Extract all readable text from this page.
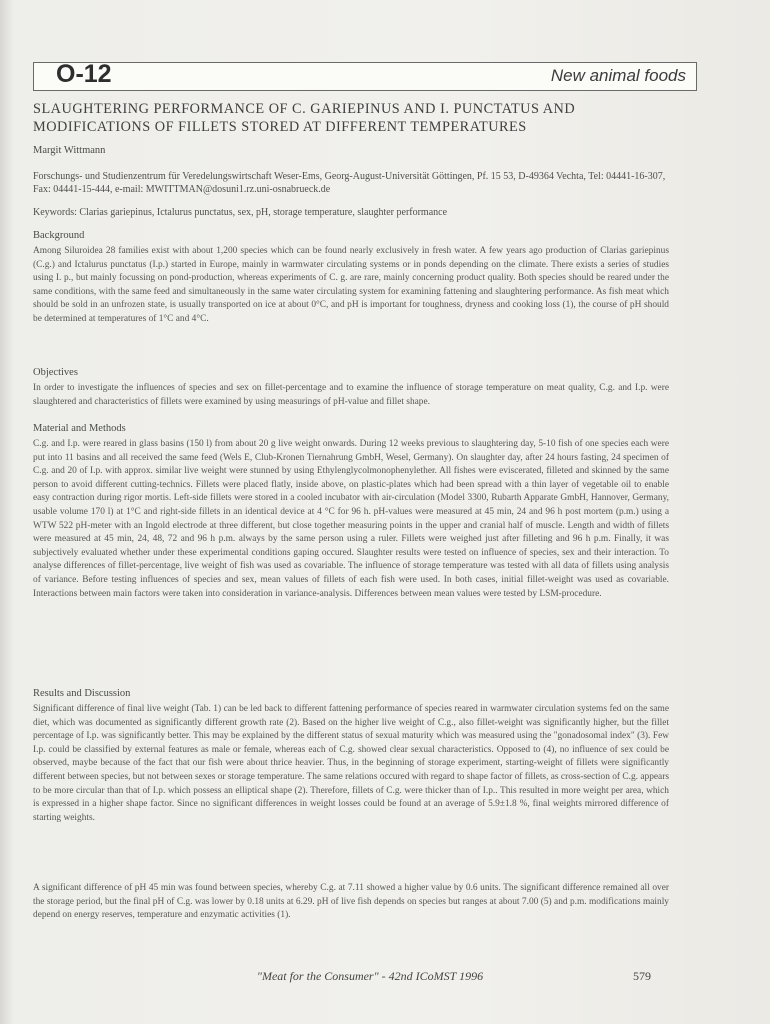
O-12	New animal foods
SLAUGHTERING PERFORMANCE OF C. GARIEPINUS AND I. PUNCTATUS AND MODIFICATIONS OF FILLETS STORED AT DIFFERENT TEMPERATURES
Margit Wittmann
Forschungs- und Studienzentrum für Veredelungswirtschaft Weser-Ems, Georg-August-Universität Göttingen, Pf. 15 53, D-49364 Vechta, Tel: 04441-16-307, Fax: 04441-15-444, e-mail: MWITTMAN@dosuni1.rz.uni-osnabrueck.de
Keywords: Clarias gariepinus, Ictalurus punctatus, sex, pH, storage temperature, slaughter performance
Background
Among Siluroidea 28 families exist with about 1,200 species which can be found nearly exclusively in fresh water. A few years ago production of Clarias gariepinus (C.g.) and Ictalurus punctatus (I.p.) started in Europe, mainly in warmwater circulating systems or in ponds depending on the climate. There exists a series of studies using I. p., but mainly focussing on pond-production, whereas experiments of C. g. are rare, mainly concerning product quality. Both species should be reared under the same conditions, with the same feed and simultaneously in the same water circulating system for examining fattening and slaughtering performance. As fish meat which should be sold in an unfrozen state, is usually transported on ice at about 0°C, and pH is important for toughness, dryness and cooking loss (1), the course of pH should be determined at temperatures of 1°C and 4°C.
Objectives
In order to investigate the influences of species and sex on fillet-percentage and to examine the influence of storage temperature on meat quality, C.g. and I.p. were slaughtered and characteristics of fillets were examined by using measurings of pH-value and fillet shape.
Material and Methods
C.g. and I.p. were reared in glass basins (150 l) from about 20 g live weight onwards. During 12 weeks previous to slaughtering day, 5-10 fish of one species each were put into 11 basins and all received the same feed (Wels E, Club-Kronen Tiernahrung GmbH, Wesel, Germany). On slaughter day, after 24 hours fasting, 24 specimen of C.g. and 20 of I.p. with approx. similar live weight were stunned by using Ethylenglycolmonophenylether. All fishes were eviscerated, filleted and skinned by the same person to avoid different cutting-technics. Fillets were placed flatly, inside above, on plastic-plates which had been spread with a thin layer of vegetable oil to enable easy contraction during rigor mortis. Left-side fillets were stored in a cooled incubator with air-circulation (Model 3300, Rubarth Apparate GmbH, Hannover, Germany, usable volume 170 l) at 1°C and right-side fillets in an identical device at 4 °C for 96 h. pH-values were measured at 45 min, 24 and 96 h post mortem (p.m.) using a WTW 522 pH-meter with an Ingold electrode at three different, but close together measuring points in the upper and cranial half of muscle. Length and width of fillets were measured at 45 min, 24, 48, 72 and 96 h p.m. always by the same person using a ruler. Fillets were weighed just after filleting and 96 h p.m. Finally, it was subjectively evaluated whether under these experimental conditions gaping occured. Slaughter results were tested on influence of species, sex and their interaction. To analyse differences of fillet-percentage, live weight of fish was used as covariable. The influence of storage temperature was tested with all data of fillets using analysis of variance. Before testing influences of species and sex, mean values of fillets of each fish were used. In both cases, initial fillet-weight was used as covariable. Interactions between main factors were taken into consideration in variance-analysis. Differences between mean values were tested by LSM-procedure.
Results and Discussion
Significant difference of final live weight (Tab. 1) can be led back to different fattening performance of species reared in warmwater circulation systems fed on the same diet, which was documented as significantly different growth rate (2). Based on the higher live weight of C.g., also fillet-weight was significantly higher, but the fillet percentage of I.p. was significantly better. This may be explained by the different status of sexual maturity which was measured using the "gonadosomal index" (3). Few I.p. could be classified by external features as male or female, whereas each of C.g. showed clear sexual characteristics. Opposed to (4), no influence of sex could be observed, maybe because of the fact that our fish were about thrice heavier. Thus, in the beginning of storage experiment, starting-weight of fillets were significantly different between species, but not between sexes or storage temperature. The same relations occured with regard to shape factor of fillets, as cross-section of C.g. appears to be more circular than that of I.p. which possess an elliptical shape (2). Therefore, fillets of C.g. were thicker than of I.p.. This resulted in more weight per area, which is expressed in a higher shape factor. Since no significant differences in weight losses could be found at an average of 5.9±1.8 %, final weights mirrored difference of starting weights.
A significant difference of pH 45 min was found between species, whereby C.g. at 7.11 showed a higher value by 0.6 units. The significant difference remained all over the storage period, but the final pH of C.g. was lower by 0.18 units at 6.29. pH of live fish depends on species but ranges at about 7.00 (5) and p.m. modifications mainly depend on energy reserves, temperature and enzymatic activities (1).
"Meat for the Consumer" - 42nd ICoMST 1996	579
